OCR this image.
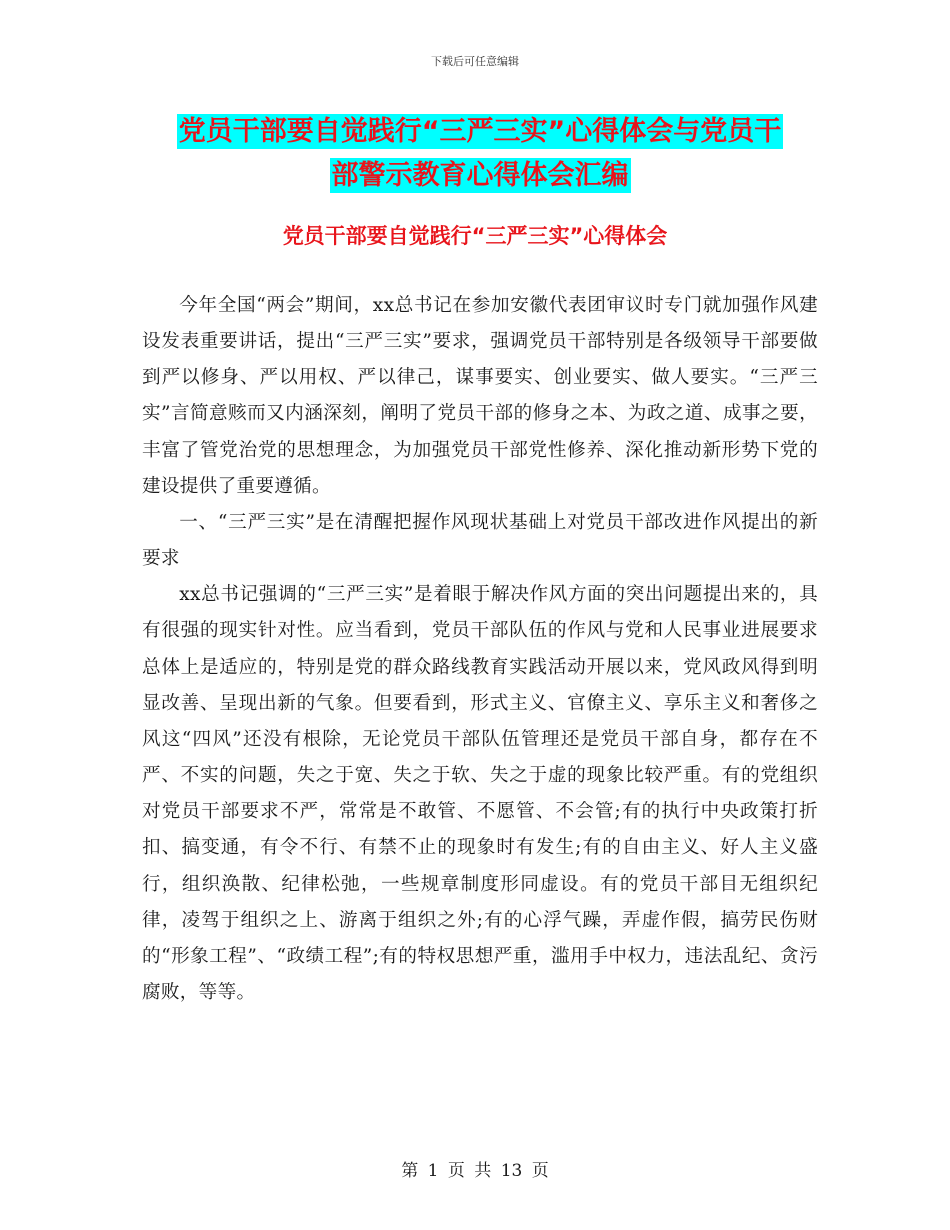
下载后可任意编辑
党员干部要自觉践行“三严三实”心得体会与党员干
部警示教育心得体会汇编
党员干部要自觉践行“三严三实”心得体会

今年全国“两会”期间，xx总书记在参加安徽代表团审议时专门就加强作风建设发表重要讲话，提出“三严三实”要求，强调党员干部特别是各级领导干部要做到严以修身、严以用权、严以律己，谋事要实、创业要实、做人要实。“三严三实”言简意赅而又内涵深刻，阐明了党员干部的修身之本、为政之道、成事之要，丰富了管党治党的思想理念，为加强党员干部党性修养、深化推动新形势下党的建设提供了重要遵循。

一、“三严三实”是在清醒把握作风现状基础上对党员干部改进作风提出的新要求

xx总书记强调的“三严三实”是着眼于解决作风方面的突出问题提出来的，具有很强的现实针对性。应当看到，党员干部队伍的作风与党和人民事业进展要求总体上是适应的，特别是党的群众路线教育实践活动开展以来，党风政风得到明显改善、呈现出新的气象。但要看到，形式主义、官僚主义、享乐主义和奢侈之风这“四风”还没有根除，无论党员干部队伍管理还是党员干部自身，都存在不严、不实的问题，失之于宽、失之于软、失之于虚的现象比较严重。有的党组织对党员干部要求不严，常常是不敢管、不愿管、不会管;有的执行中央政策打折扣、搞变通，有令不行、有禁不止的现象时有发生;有的自由主义、好人主义盛行，组织涣散、纪律松弛，一些规章制度形同虚设。有的党员干部目无组织纪律，凌驾于组织之上、游离于组织之外;有的心浮气躁，弄虚作假，搞劳民伤财的“形象工程”、“政绩工程”;有的特权思想严重，滥用手中权力，违法乱纪、贪污腐败，等等。

第 1 页 共 13 页
